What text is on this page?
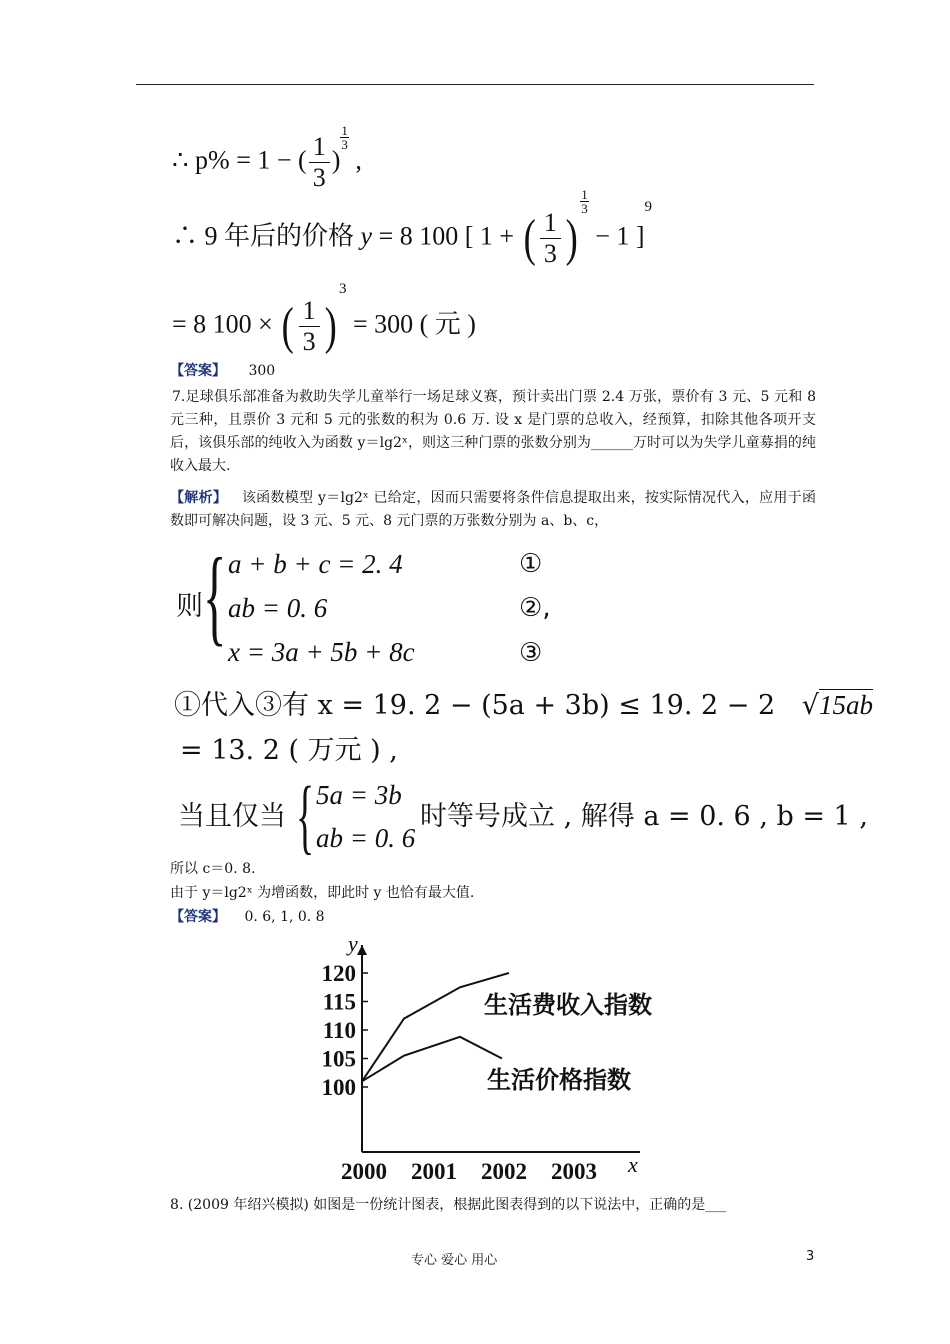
∴ p% = 1 − ( $\frac{1}{3}$ )
$\frac{1}{3}$
,
∴ 9 年后的价格 y = 8 100 [ 1 + ( $\frac{1}{3}$ )
$\frac{1}{3}$
− 1 ]$^9$
= 8 100 × ( $\frac{1}{3} )^3 = 300$ ( 元 )
【答案】 300
7.足球俱乐部准备为救助失学儿童举行一场足球义赛，预计卖出门票 2.4 万张，票价有 3 元、5 元和 8 元三种，且票价 3 元和 5 元的张数的积为 0.6 万. 设 x 是门票的总收入，经预算，扣除其他各项开支后，该俱乐部的纯收入为函数 y＝lg2ˣ，则这三种门票的张数分别为______万时可以为失学儿童募捐的纯收入最大.
【解析】 该函数模型 y＝lg2ˣ 已给定，因而只需要将条件信息提取出来，按实际情况代入，应用于函数即可解决问题，设 3 元、5 元、8 元门票的万张数分别为 a、b、c，
则 { a + b + c = 2. 4
ab = 0. 6
x = 3a + 5b + 8c
①
②,
③
①代入③有 x = 19. 2 − (5a + 3b) ≤ 19. 2 − 2 √15ab
= 13. 2 ( 万元 ) ,
当且仅当 { 5a = 3b
ab = 0. 6
时等号成立 , 解得 a = 0. 6 , b = 1 ,
所以 c＝0. 8.
由于 y＝lg2ˣ 为增函数，即此时 y 也恰有最大值.
【答案】 0. 6, 1, 0. 8
y
x
120
115
110
105
100
2000 2001 2002 2003
生活费收入指数
生活价格指数
8. (2009 年绍兴模拟) 如图是一份统计图表，根据此图表得到的以下说法中，正确的是___
专心 爱心 用心	3
